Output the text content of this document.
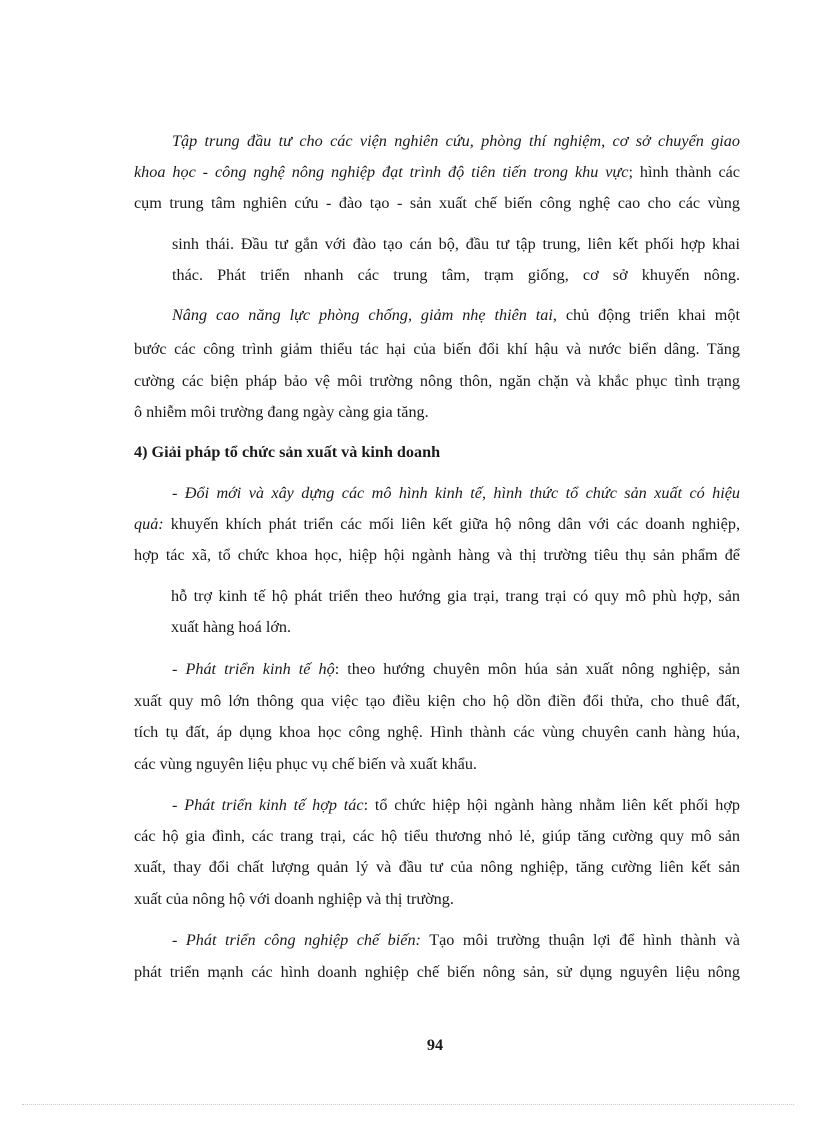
Tập trung đầu tư cho các viện nghiên cứu, phòng thí nghiệm, cơ sở chuyển giao
khoa học - công nghệ nông nghiệp đạt trình độ tiên tiến trong khu vực; hình thành các
cụm trung tâm nghiên cứu - đào tạo - sản xuất chế biến công nghệ cao cho các vùng
sinh thái. Đầu tư gắn với đào tạo cán bộ, đầu tư tập trung, liên kết phối hợp khai
thác. Phát triển nhanh các trung tâm, trạm giống, cơ sở khuyến nông.
Nâng cao năng lực phòng chống, giảm nhẹ thiên tai, chủ động triển khai một
bước các công trình giảm thiểu tác hại của biến đổi khí hậu và nước biển dâng. Tăng
cường các biện pháp bảo vệ môi trường nông thôn, ngăn chặn và khắc phục tình trạng
ô nhiễm môi trường đang ngày càng gia tăng.
4) Giải pháp tổ chức sản xuất và kinh doanh
- Đổi mới và xây dựng các mô hình kinh tế, hình thức tổ chức sản xuất có hiệu
quả: khuyến khích phát triển các mối liên kết giữa hộ nông dân với các doanh nghiệp,
hợp tác xã, tổ chức khoa học, hiệp hội ngành hàng và thị trường tiêu thụ sản phẩm để
hỗ trợ kinh tế hộ phát triển theo hướng gia trại, trang trại có quy mô phù hợp, sản
xuất hàng hoá lớn.
- Phát triển kinh tế hộ: theo hướng chuyên môn húa sản xuất nông nghiệp, sản
xuất quy mô lớn thông qua việc tạo điều kiện cho hộ dồn điền đổi thửa, cho thuê đất,
tích tụ đất, áp dụng khoa học công nghệ. Hình thành các vùng chuyên canh hàng húa,
các vùng nguyên liệu phục vụ chế biến và xuất khẩu.
- Phát triển kinh tế hợp tác: tổ chức hiệp hội ngành hàng nhằm liên kết phối hợp
các hộ gia đình, các trang trại, các hộ tiểu thương nhỏ lẻ, giúp tăng cường quy mô sản
xuất, thay đổi chất lượng quản lý và đầu tư của nông nghiệp, tăng cường liên kết sản
xuất của nông hộ với doanh nghiệp và thị trường.
- Phát triển công nghiệp chế biến: Tạo môi trường thuận lợi để hình thành và
phát triển mạnh các hình doanh nghiệp chế biến nông sản, sử dụng nguyên liệu nông
94
